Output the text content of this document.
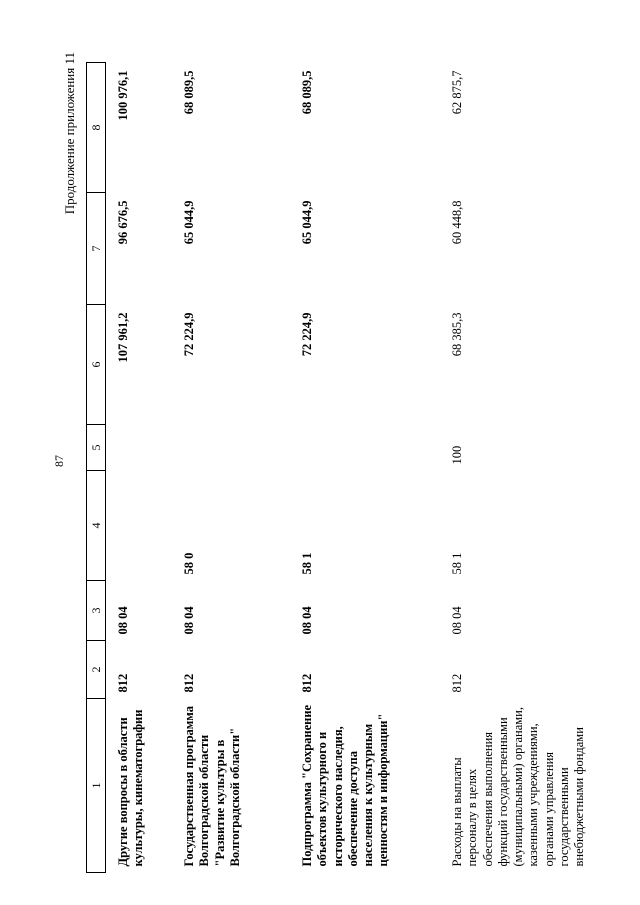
87
Продолжение приложения 11
1	2	3	4	5	6	7	8
Другие вопросы в области культуры, кинематографии	812	08 04			107 961,2	96 676,5	100 976,1
Государственная программа Волгоградской области "Развитие культуры в Волгоградской области"	812	08 04	58 0		72 224,9	65 044,9	68 089,5
Подпрограмма "Сохранение объектов культурного и исторического наследия, обеспечение доступа населения к культурным ценностям и информации"	812	08 04	58 1		72 224,9	65 044,9	68 089,5
Расходы на выплаты персоналу в целях обеспечения выполнения функций государственными (муниципальными) органами, казенными учреждениями, органами управления государственными внебюджетными фондами	812	08 04	58 1	100	68 385,3	60 448,8	62 875,7
